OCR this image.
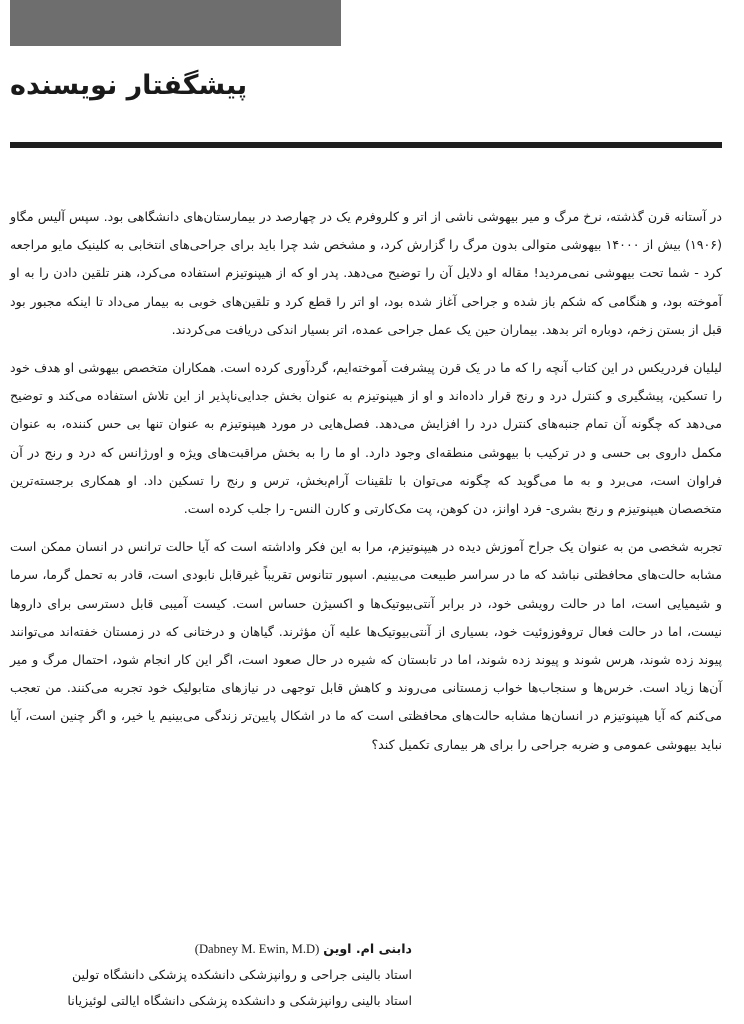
پیشگفتار نویسنده

در آستانه قرن گذشته، نرخ مرگ و میر بیهوشی ناشی از اتر و کلروفرم یک در چهارصد در بیمارستان‌های دانشگاهی بود. سپس آلیس مگاو (۱۹۰۶) بیش از ۱۴۰۰۰ بیهوشی متوالی بدون مرگ را گزارش کرد، و مشخص شد چرا باید برای جراحی‌های انتخابی به کلینیک مایو مراجعه کرد - شما تحت بیهوشی نمی‌مردید! مقاله او دلایل آن را توضیح می‌دهد. پدر او که از هیپنوتیزم استفاده می‌کرد، هنر تلقین دادن را به او آموخته بود، و هنگامی که شکم باز شده و جراحی آغاز شده بود، او اتر را قطع کرد و تلقین‌های خوبی به بیمار می‌داد تا اینکه مجبور بود قبل از بستن زخم، دوباره اتر بدهد. بیماران حین یک عمل جراحی عمده، اتر بسیار اندکی دریافت می‌کردند.

لیلیان فردریکس در این کتاب آنچه را که ما در یک قرن پیشرفت آموخته‌ایم، گردآوری کرده است. همکاران متخصص بیهوشی او هدف خود را تسکین، پیشگیری و کنترل درد و رنج قرار داده‌اند و او از هیپنوتیزم به عنوان بخش جدایی‌ناپذیر از این تلاش استفاده می‌کند و توضیح می‌دهد که چگونه آن تمام جنبه‌های کنترل درد را افزایش می‌دهد. فصل‌هایی در مورد هیپنوتیزم به عنوان تنها بی حس کننده، به عنوان مکمل داروی بی حسی و در ترکیب با بیهوشی منطقه‌ای وجود دارد. او ما را به بخش مراقبت‌های ویژه و اورژانس که درد و رنج در آن فراوان است، می‌برد و به ما می‌گوید که چگونه می‌توان با تلقینات آرام‌بخش، ترس و رنج را تسکین داد. او همکاری برجسته‌ترین متخصصان هیپنوتیزم و رنج بشری- فرد اوانز، دن کوهن، پت مک‌کارتی و کارن النس- را جلب کرده است.

تجربه شخصی من به عنوان یک جراح آموزش دیده در هیپنوتیزم، مرا به این فکر واداشته است که آیا حالت ترانس در انسان ممکن است مشابه حالت‌های محافظتی نباشد که ما در سراسر طبیعت می‌بینیم. اسپور تتانوس تقریباً غیرقابل نابودی است، قادر به تحمل گرما، سرما و شیمیایی است، اما در حالت رویشی خود، در برابر آنتی‌بیوتیک‌ها و اکسیژن حساس است. کیست آمیبی قابل دسترسی برای داروها نیست، اما در حالت فعال تروفوزوئیت خود، بسیاری از آنتی‌بیوتیک‌ها علیه آن مؤثرند. گیاهان و درختانی که در زمستان خفته‌اند می‌توانند پیوند زده شوند، هرس شوند و پیوند زده شوند، اما در تابستان که شیره در حال صعود است، اگر این کار انجام شود، احتمال مرگ و میر آن‌ها زیاد است. خرس‌ها و سنجاب‌ها خواب زمستانی می‌روند و کاهش قابل توجهی در نیازهای متابولیک خود تجربه می‌کنند. من تعجب می‌کنم که آیا هیپنوتیزم در انسان‌ها مشابه حالت‌های محافظتی است که ما در اشکال پایین‌تر زندگی می‌بینیم یا خیر، و اگر چنین است، آیا نباید بیهوشی عمومی و ضربه جراحی را برای هر بیماری تکمیل کند؟

دابنی ام. اوین (Dabney M. Ewin, M.D)
استاد بالینی جراحی و روانپزشکی دانشکده پزشکی دانشگاه تولین
استاد بالینی روانپزشکی و دانشکده پزشکی دانشگاه ایالتی لوئیزیانا
